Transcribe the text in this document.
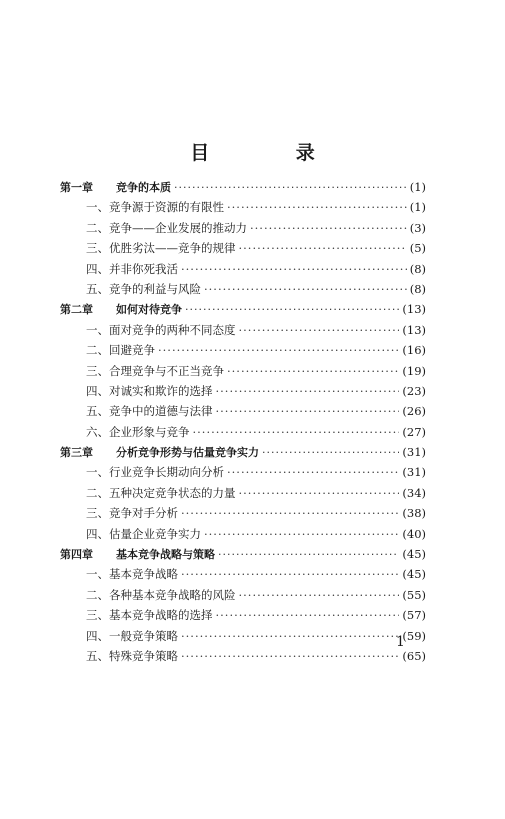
目 录
第一章	竞争的本质 ·····	(1)
一、竞争源于资源的有限性 ·····	(1)
二、竞争——企业发展的推动力 ·····	(3)
三、优胜劣汰——竞争的规律 ·····	(5)
四、并非你死我活 ·····	(8)
五、竞争的利益与风险 ·····	(8)
第二章	如何对待竞争 ·····	(13)
一、面对竞争的两种不同态度 ·····	(13)
二、回避竞争 ·····	(16)
三、合理竞争与不正当竞争 ·····	(19)
四、对诚实和欺诈的选择 ·····	(23)
五、竞争中的道德与法律 ·····	(26)
六、企业形象与竞争 ·····	(27)
第三章	分析竞争形势与估量竞争实力 ·····	(31)
一、行业竞争长期动向分析 ·····	(31)
二、五种决定竞争状态的力量 ·····	(34)
三、竞争对手分析 ·····	(38)
四、估量企业竞争实力 ·····	(40)
第四章	基本竞争战略与策略 ·····	(45)
一、基本竞争战略 ·····	(45)
二、各种基本竞争战略的风险 ·····	(55)
三、基本竞争战略的选择 ·····	(57)
四、一般竞争策略 ·····	(59)
五、特殊竞争策略 ·····	(65)
1
